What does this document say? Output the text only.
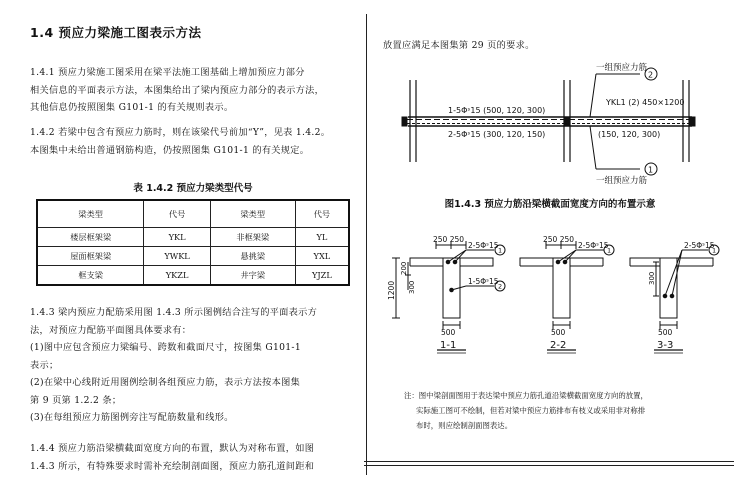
1.4 预应力梁施工图表示方法
1.4.1 预应力梁施工图采用在梁平法施工图基础上增加预应力部分
相关信息的平面表示方法，本图集给出了梁内预应力部分的表示方法，
其他信息仍按照图集 G101-1 的有关规则表示。
1.4.2 若梁中包含有预应力筋时，则在该梁代号前加“Y”，见表 1.4.2。
本图集中未给出普通钢筋构造，仍按照图集 G101-1 的有关规定。
表 1.4.2 预应力梁类型代号
梁类型	代号	梁类型	代号
楼层框架梁	YKL	非框架梁	YL
屋面框架梁	YWKL	悬挑梁	YXL
框支梁	YKZL	井字梁	YJZL
1.4.3 梁内预应力配筋采用图 1.4.3 所示图例结合注写的平面表示方
法，对预应力配筋平面图具体要求有：
(1)图中应包含预应力梁编号、跨数和截面尺寸，按图集 G101-1
表示；
(2)在梁中心线附近用图例绘制各组预应力筋，表示方法按本图集
第 9 页第 1.2.2 条；
(3)在每组预应力筋图例旁注写配筋数量和线形。
1.4.4 预应力筋沿梁横截面宽度方向的布置，默认为对称布置，如图
1.4.3 所示，有特殊要求时需补充绘制剖面图，预应力筋孔道间距和
放置应满足本图集第 29 页的要求。
一组预应力筋
一组预应力筋
2
1
YKL1 (2) 450×1200
1-5Φˢ15 (500, 120, 300)
2-5Φˢ15 (300, 120, 150)	(150, 120, 300)
250 250
2-5Φˢ15
1-5Φˢ15
1
2
1200
200
300
500
1-1
250 250
2-5Φˢ15
1
500
2-2
2-5Φˢ15
1
300
500
3-3
图1.4.3 预应力筋沿梁横截面宽度方向的布置示意
注：图中梁剖面图用于表达梁中预应力筋孔道沿梁横截面宽度方向的放置，
实际施工图可不绘制，但若对梁中预应力筋排布有枝义或采用非对称排
布时，则应绘制剖面图表达。
